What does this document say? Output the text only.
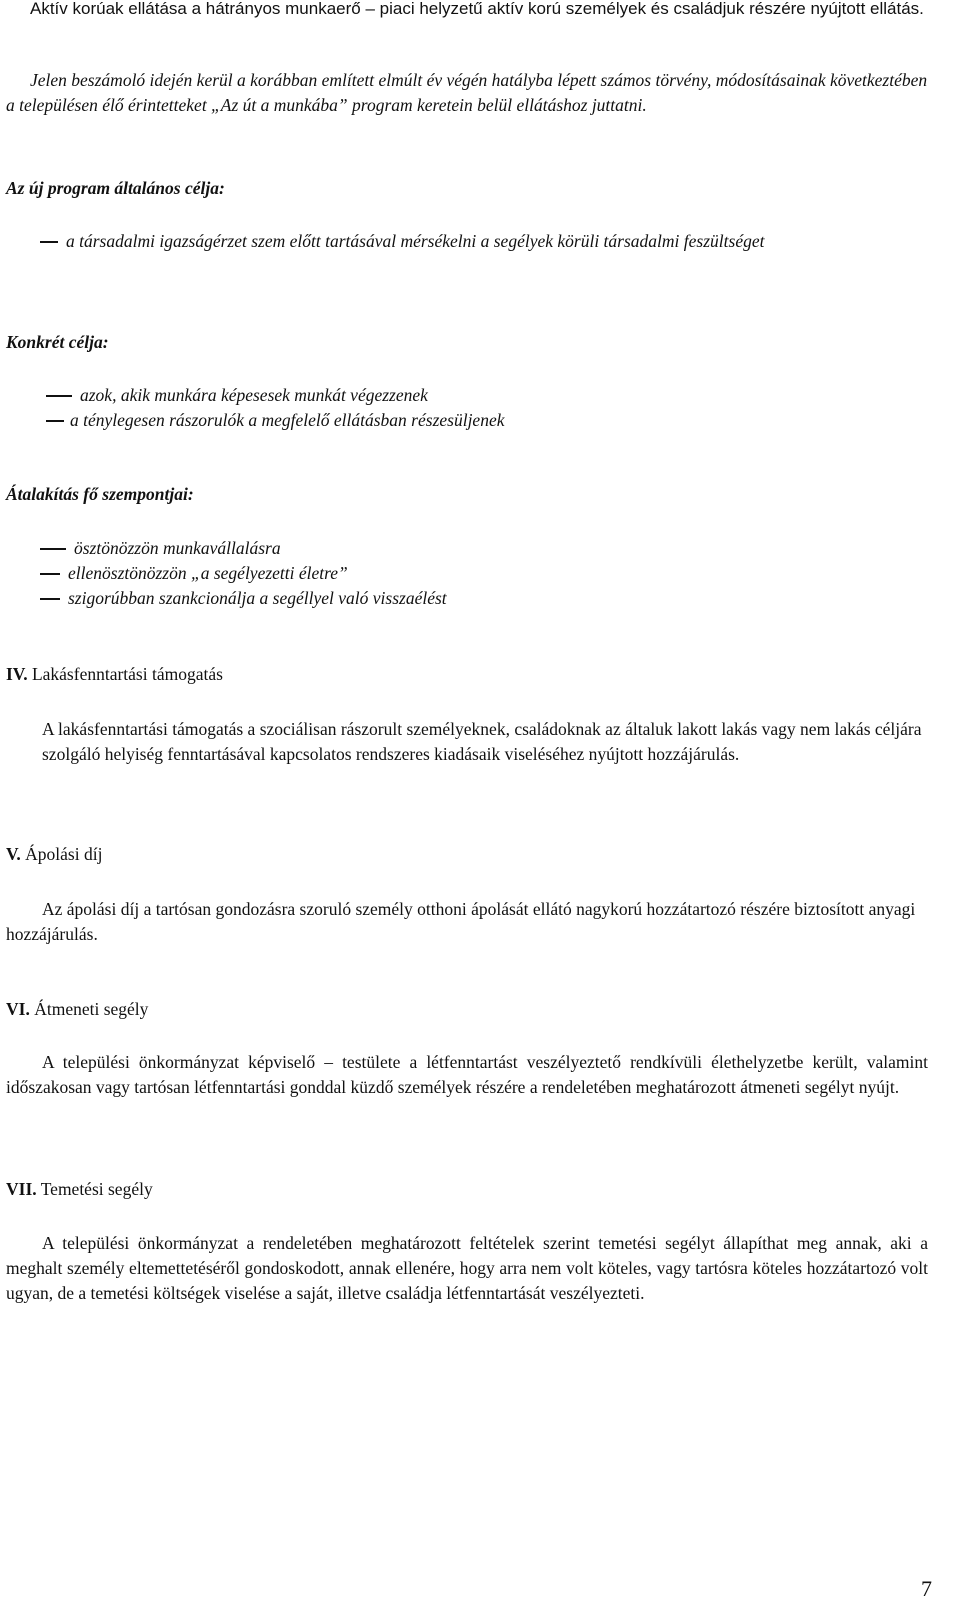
Aktív korúak ellátása a hátrányos munkaerő – piaci helyzetű aktív korú személyek és családjuk részére nyújtott ellátás.

Jelen beszámoló idején kerül a korábban említett elmúlt év végén hatályba lépett számos törvény, módosításainak következtében a településen élő érintetteket „Az út a munkába” program keretein belül ellátáshoz juttatni.

Az új program általános célja:

a társadalmi igazságérzet szem előtt tartásával mérsékelni a segélyek körüli társadalmi feszültséget

Konkrét célja:

azok, akik munkára képesesek munkát végezzenek
a ténylegesen rászorulók a megfelelő ellátásban részesüljenek

Átalakítás fő szempontjai:

ösztönözzön munkavállalásra
ellenösztönözzön „a segélyezetti életre”
szigorúbban szankcionálja a segéllyel való visszaélést

IV. Lakásfenntartási támogatás

A lakásfenntartási támogatás a szociálisan rászorult személyeknek, családoknak az általuk lakott lakás vagy nem lakás céljára szolgáló helyiség fenntartásával kapcsolatos rendszeres kiadásaik viseléséhez nyújtott hozzájárulás.

V. Ápolási díj

Az ápolási díj a tartósan gondozásra szoruló személy otthoni ápolását ellátó nagykorú hozzátartozó részére biztosított anyagi hozzájárulás.

VI. Átmeneti segély

A települési önkormányzat képviselő – testülete a létfenntartást veszélyeztető rendkívüli élethelyzetbe került, valamint időszakosan vagy tartósan létfenntartási gonddal küzdő személyek részére a rendeletében meghatározott átmeneti segélyt nyújt.

VII. Temetési segély

A települési önkormányzat a rendeletében meghatározott feltételek szerint temetési segélyt állapíthat meg annak, aki a meghalt személy eltemettetéséről gondoskodott, annak ellenére, hogy arra nem volt köteles, vagy tartósra köteles hozzátartozó volt ugyan, de a temetési költségek viselése a saját, illetve családja létfenntartását veszélyezteti.

7
